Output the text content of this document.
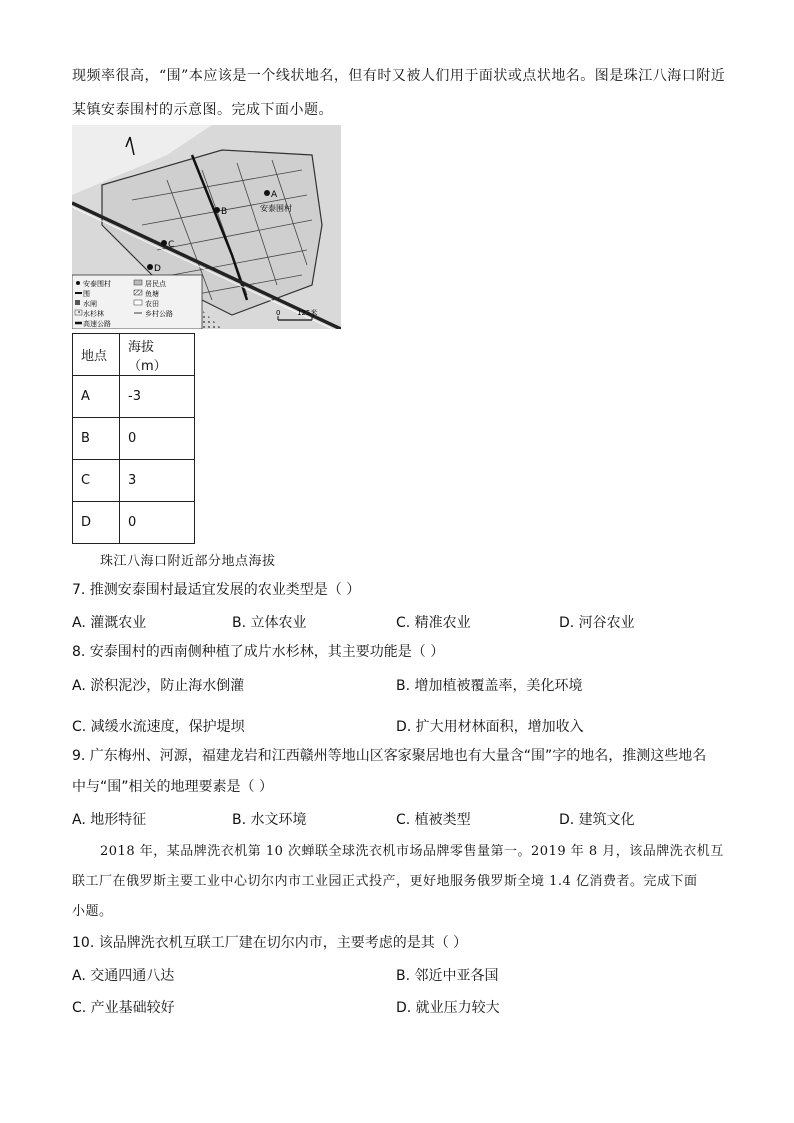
现频率很高，“围”本应该是一个线状地名，但有时又被人们用于面状或点状地名。图是珠江八海口附近
某镇安泰围村的示意图。完成下面小题。
A
B
C
D
安泰围村
安泰围村
围
水闸
水杉林
高速公路
居民点
鱼塘
农田
乡村公路	0 125米
地点	海拔（m）
A	-3
B	0
C	3
D	0
珠江八海口附近部分地点海拔
7. 推测安泰围村最适宜发展的农业类型是（ ）
A. 灌溉农业	B. 立体农业	C. 精准农业	D. 河谷农业
8. 安泰围村的西南侧种植了成片水杉林，其主要功能是（ ）
A. 淤积泥沙，防止海水倒灌	B. 增加植被覆盖率，美化环境
C. 减缓水流速度，保护堤坝	D. 扩大用材林面积，增加收入
9. 广东梅州、河源，福建龙岩和江西赣州等地山区客家聚居地也有大量含“围”字的地名，推测这些地名
中与“围”相关的地理要素是（ ）
A. 地形特征	B. 水文环境	C. 植被类型	D. 建筑文化
2018 年，某品牌洗衣机第 10 次蝉联全球洗衣机市场品牌零售量第一。2019 年 8 月，该品牌洗衣机互
联工厂在俄罗斯主要工业中心切尔内市工业园正式投产，更好地服务俄罗斯全境 1.4 亿消费者。完成下面
小题。
10. 该品牌洗衣机互联工厂建在切尔内市，主要考虑的是其（ ）
A. 交通四通八达	B. 邻近中亚各国
C. 产业基础较好	D. 就业压力较大
